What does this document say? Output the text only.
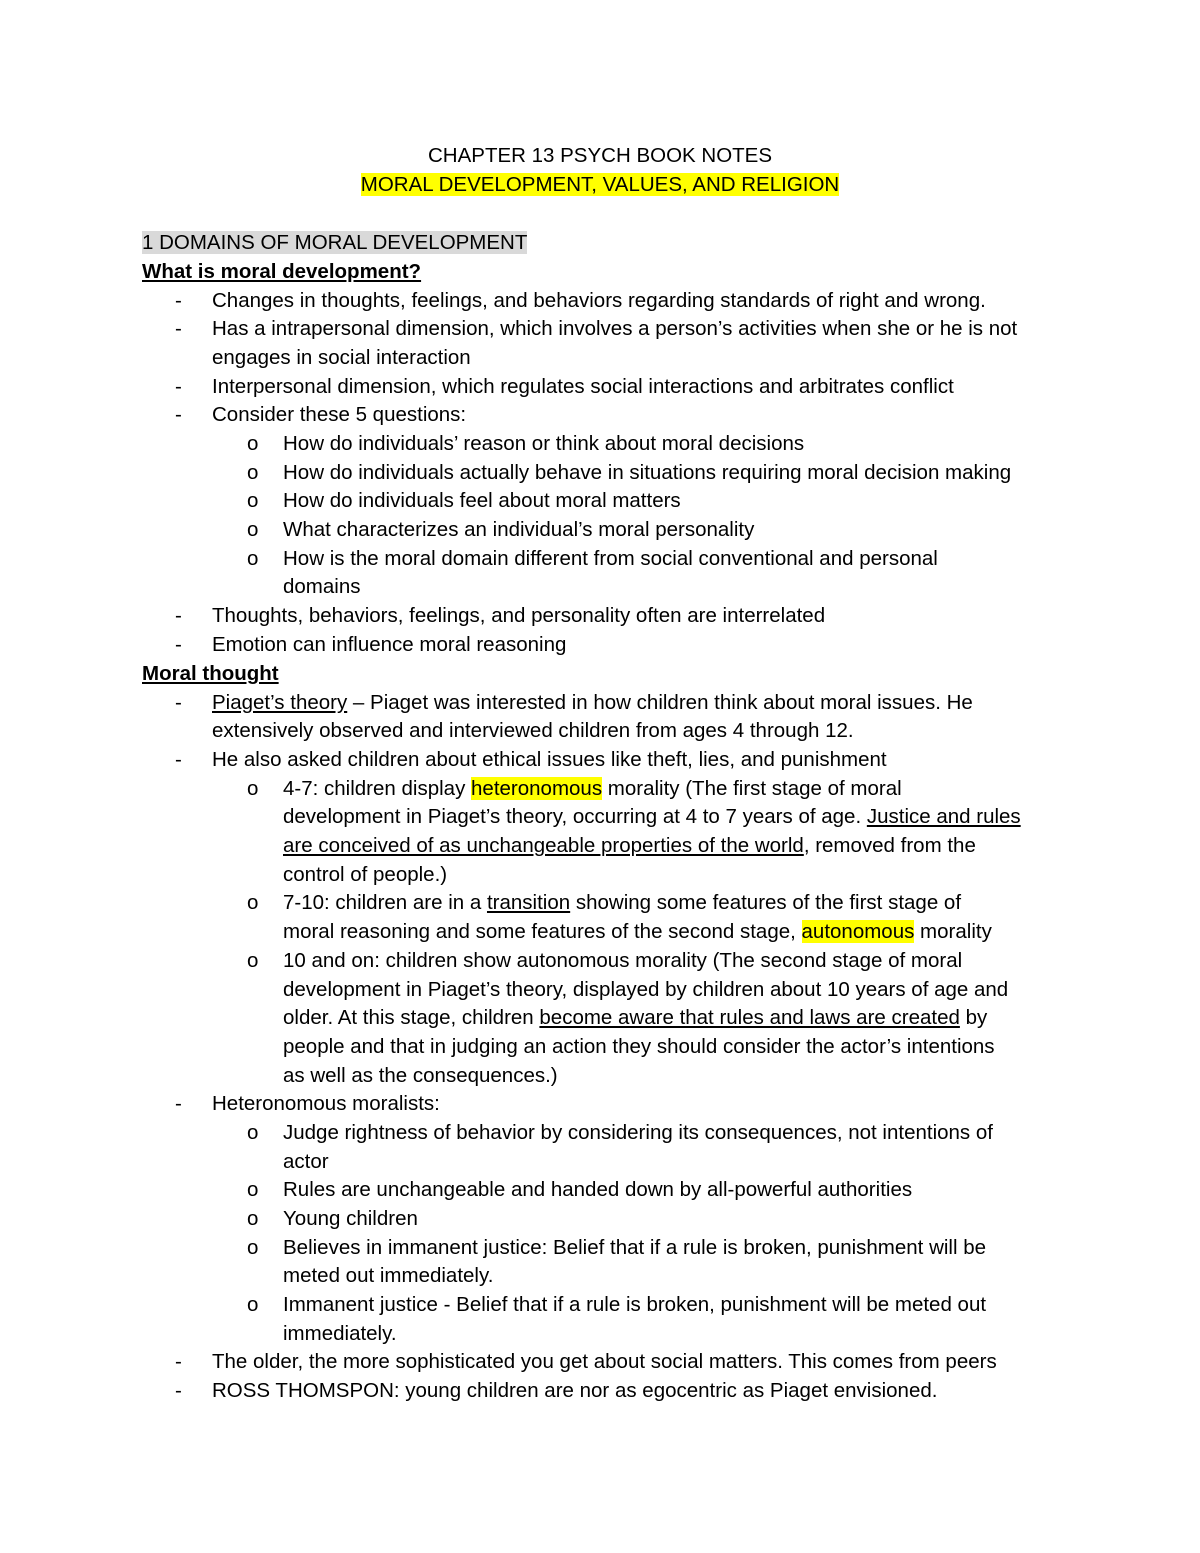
CHAPTER 13 PSYCH BOOK NOTES
MORAL DEVELOPMENT, VALUES, AND RELIGION
1 DOMAINS OF MORAL DEVELOPMENT
What is moral development?
- Changes in thoughts, feelings, and behaviors regarding standards of right and wrong.
- Has a intrapersonal dimension, which involves a person’s activities when she or he is not
engages in social interaction
- Interpersonal dimension, which regulates social interactions and arbitrates conflict
- Consider these 5 questions:
o How do individuals’ reason or think about moral decisions
o How do individuals actually behave in situations requiring moral decision making
o How do individuals feel about moral matters
o What characterizes an individual’s moral personality
o How is the moral domain different from social conventional and personal
domains
- Thoughts, behaviors, feelings, and personality often are interrelated
- Emotion can influence moral reasoning
Moral thought
- Piaget’s theory – Piaget was interested in how children think about moral issues. He
extensively observed and interviewed children from ages 4 through 12.
- He also asked children about ethical issues like theft, lies, and punishment
o 4-7: children display heteronomous morality (The first stage of moral
development in Piaget’s theory, occurring at 4 to 7 years of age. Justice and rules
are conceived of as unchangeable properties of the world, removed from the
control of people.)
o 7-10: children are in a transition showing some features of the first stage of
moral reasoning and some features of the second stage, autonomous morality
o 10 and on: children show autonomous morality (The second stage of moral
development in Piaget’s theory, displayed by children about 10 years of age and
older. At this stage, children become aware that rules and laws are created by
people and that in judging an action they should consider the actor’s intentions
as well as the consequences.)
- Heteronomous moralists:
o Judge rightness of behavior by considering its consequences, not intentions of
actor
o Rules are unchangeable and handed down by all-powerful authorities
o Young children
o Believes in immanent justice: Belief that if a rule is broken, punishment will be
meted out immediately.
o Immanent justice - Belief that if a rule is broken, punishment will be meted out
immediately.
- The older, the more sophisticated you get about social matters. This comes from peers
- ROSS THOMSPON: young children are nor as egocentric as Piaget envisioned.
